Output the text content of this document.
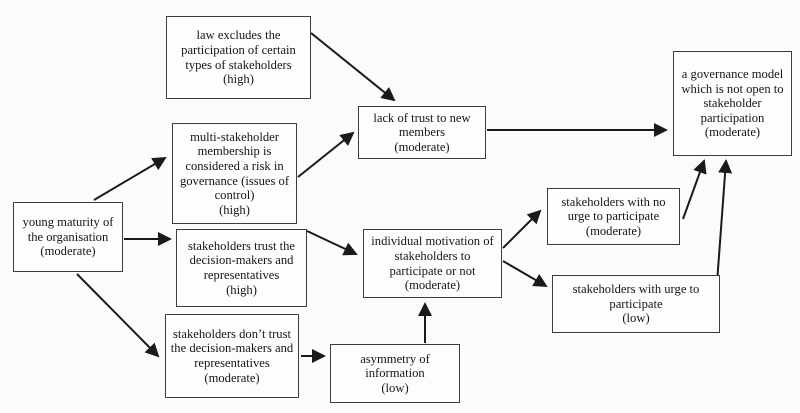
law excludes the participation of certain types of stakeholders
(high)
multi-stakeholder membership is considered a risk in governance (issues of control)
(high)
young maturity of the organisation
(moderate)	stakeholders trust the decision-makers and representatives
(high)
stakeholders don’t trust the decision-makers and representatives
(moderate)
lack of trust to new members
(moderate)
individual motivation of stakeholders to participate or not
(moderate)
asymmetry of information
(low)
a governance model which is not open to stakeholder participation
(moderate)
stakeholders with no urge to participate
(moderate)
stakeholders with urge to participate
(low)
